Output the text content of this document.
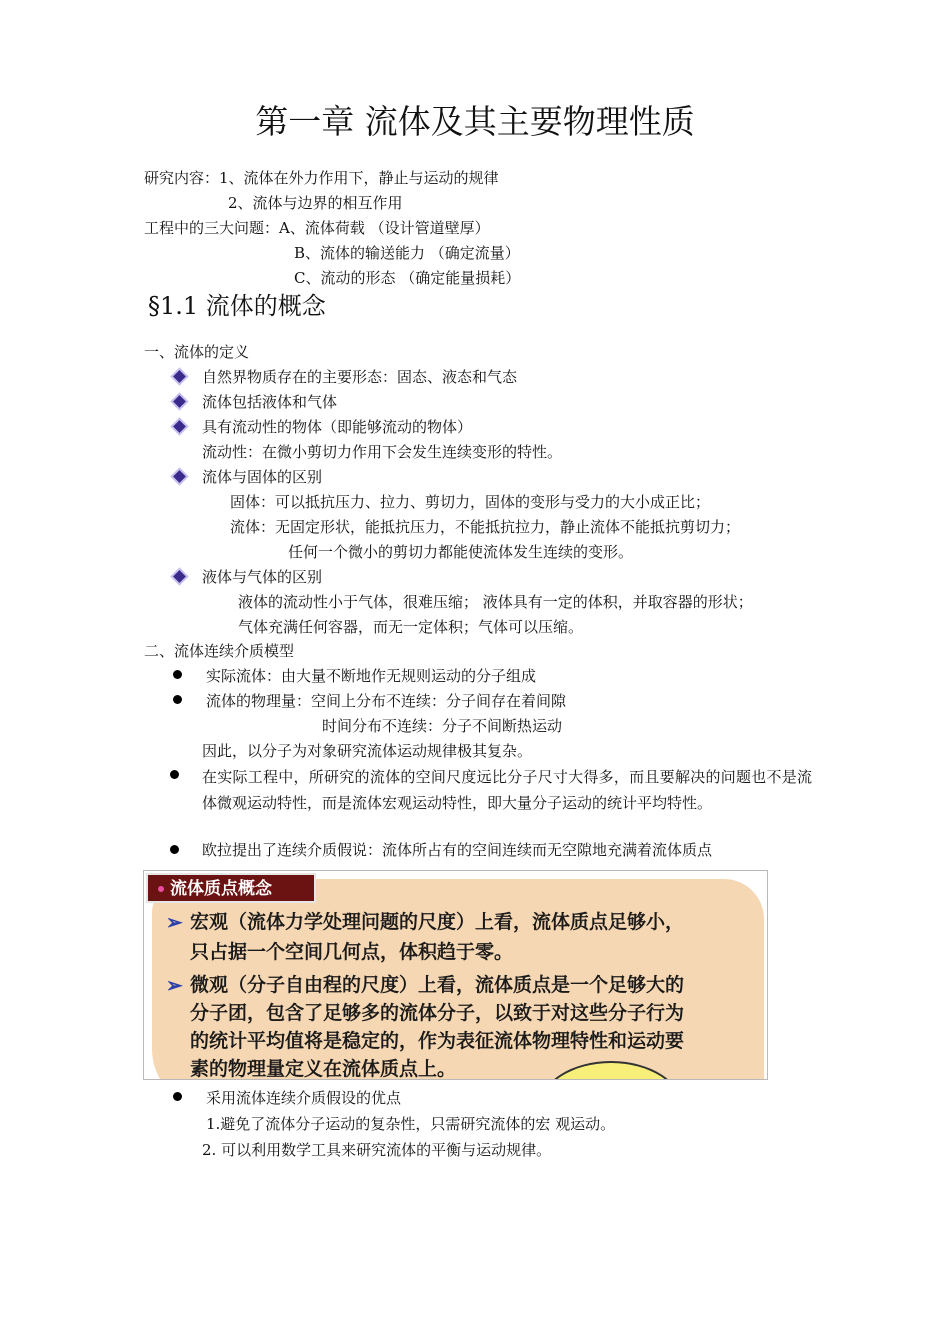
第一章 流体及其主要物理性质
研究内容：1、流体在外力作用下，静止与运动的规律
2、流体与边界的相互作用
工程中的三大问题：A、流体荷载 （设计管道壁厚）
B、流体的输送能力 （确定流量）
C、流动的形态 （确定能量损耗）
§1.1 流体的概念
一、流体的定义
自然界物质存在的主要形态：固态、液态和气态
流体包括液体和气体
具有流动性的物体（即能够流动的物体）
流动性：在微小剪切力作用下会发生连续变形的特性。
流体与固体的区别
固体：可以抵抗压力、拉力、剪切力，固体的变形与受力的大小成正比；
流体：无固定形状，能抵抗压力，不能抵抗拉力，静止流体不能抵抗剪切力；
任何一个微小的剪切力都能使流体发生连续的变形。
液体与气体的区别
液体的流动性小于气体，很难压缩； 液体具有一定的体积，并取容器的形状；
气体充满任何容器，而无一定体积；气体可以压缩。
二、流体连续介质模型
实际流体：由大量不断地作无规则运动的分子组成
流体的物理量：空间上分布不连续：分子间存在着间隙
时间分布不连续：分子不间断热运动
因此，以分子为对象研究流体运动规律极其复杂。
在实际工程中，所研究的流体的空间尺度远比分子尺寸大得多，而且要解决的问题也不是流体微观运动特性，而是流体宏观运动特性，即大量分子运动的统计平均特性。
欧拉提出了连续介质假说：流体所占有的空间连续而无空隙地充满着流体质点
流体质点概念
➢ 宏观（流体力学处理问题的尺度）上看，流体质点足够小，
只占据一个空间几何点，体积趋于零。
➢ 微观（分子自由程的尺度）上看，流体质点是一个足够大的
分子团，包含了足够多的流体分子，以致于对这些分子行为
的统计平均值将是稳定的，作为表征流体物理特性和运动要
素的物理量定义在流体质点上。
采用流体连续介质假设的优点
1.避免了流体分子运动的复杂性，只需研究流体的宏 观运动。
2. 可以利用数学工具来研究流体的平衡与运动规律。
